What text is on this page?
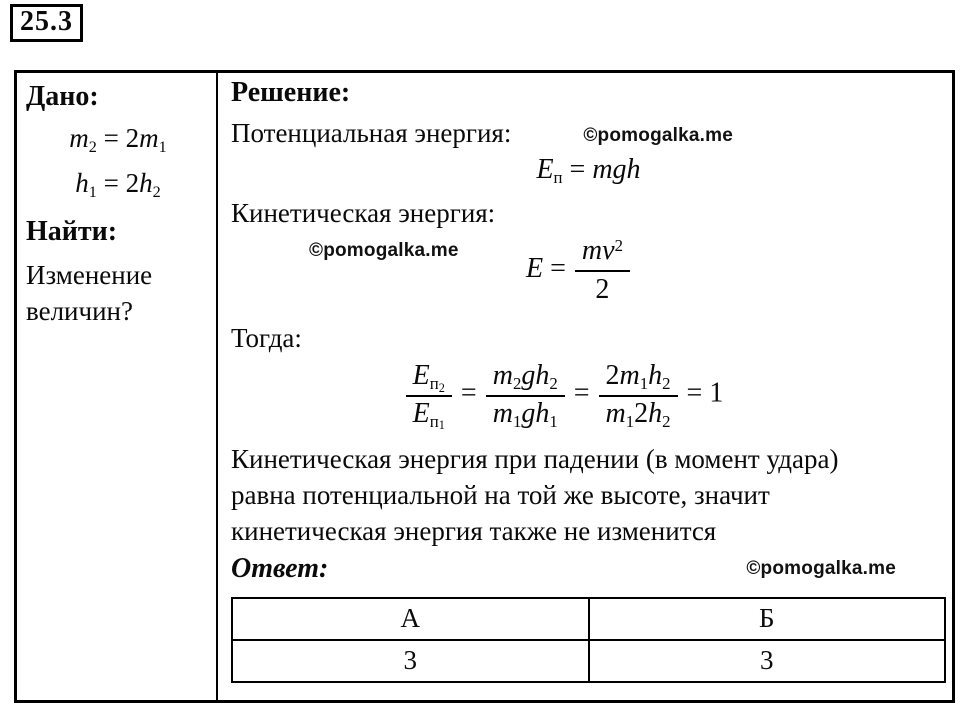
25.3
Дано:
m2 = 2m1
h1 = 2h2
Найти:
Изменение величин?
Решение:
Потенциальная энергия:	©pomogalka.me
Eп = mgh
Кинетическая энергия:
©pomogalka.me
$E = \frac{mv^2}{2}$
Тогда:
$\frac{Eп_2}{Eп_1} = \frac{m2gh2}{m1gh1} = \frac{2m1h2}{m12h2} = 1$
Кинетическая энергия при падении (в момент удара)
равна потенциальной на той же высоте, значит
кинетическая энергия также не изменится
Ответ:	©pomogalka.me
А	Б
3	3
